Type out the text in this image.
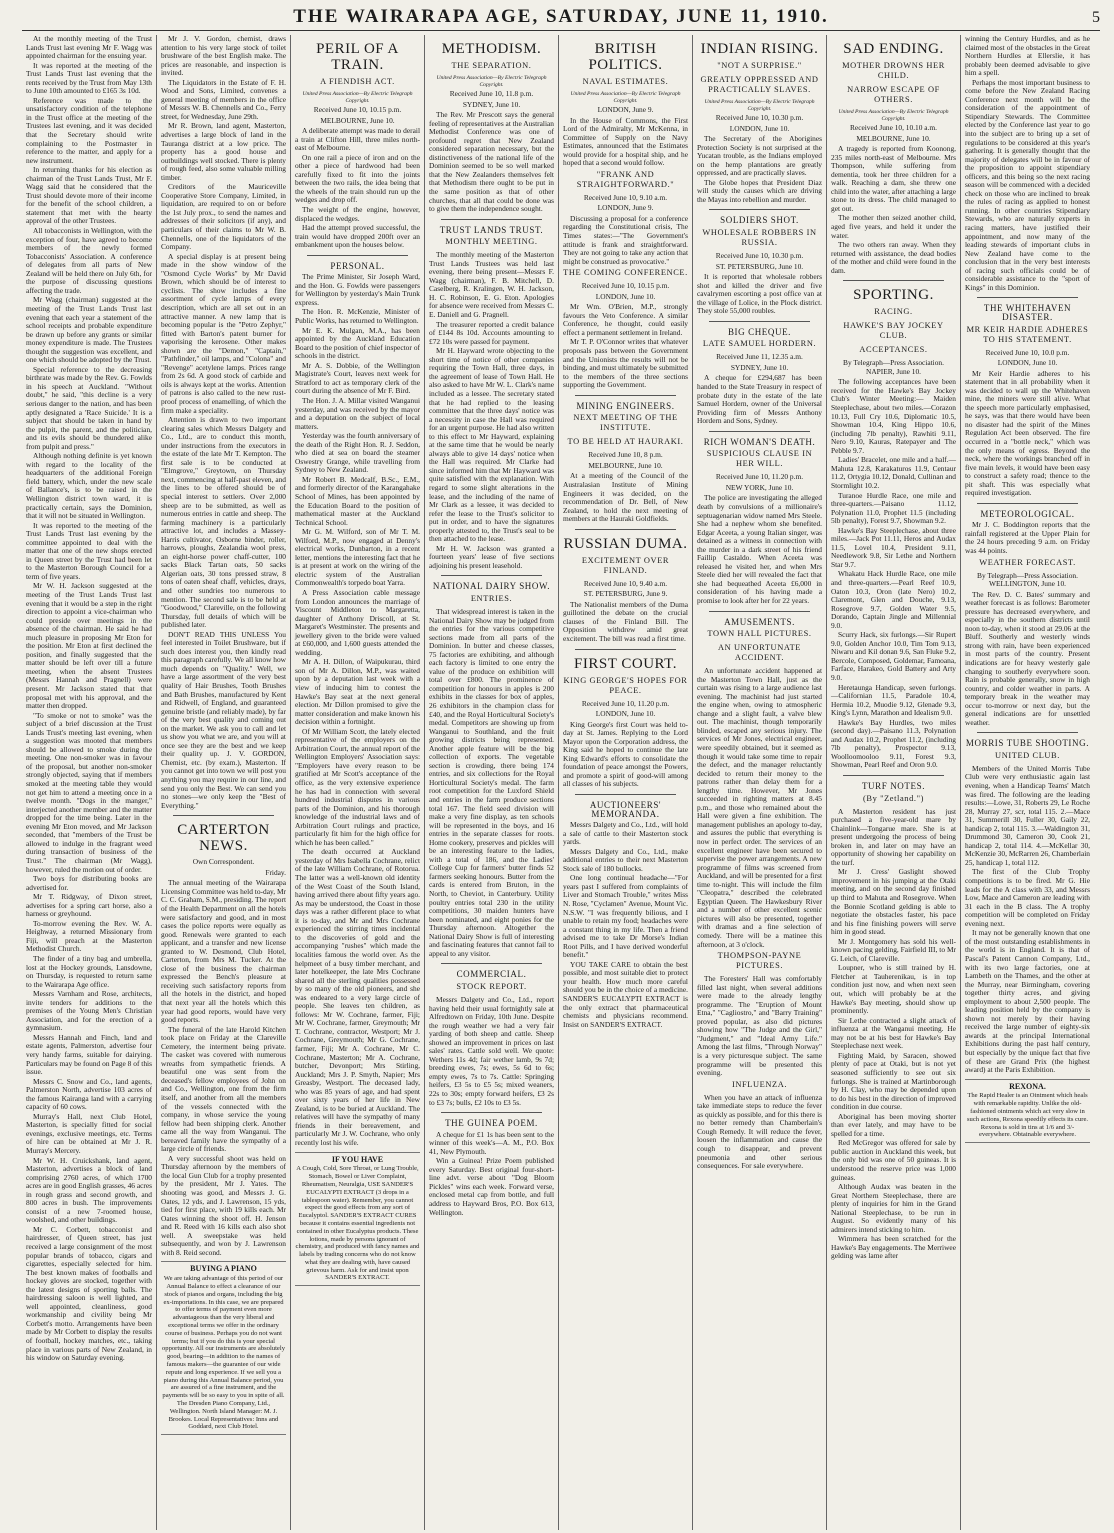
THE WAIRARAPA AGE, SATURDAY, JUNE 11, 1910.	5

At the monthly meeting of the Trust Lands Trust last evening Mr F. Wagg was appointed chairman for the ensuing year.

It was reported at the meeting of the Trust Lands Trust last evening that the rents received by the Trust from May 13th to June 10th amounted to £165 3s 10d.

Reference was made to the unsatisfactory condition of the telephone in the Trust office at the meeting of the Trustees last evening, and it was decided that the Secretary should write complaining to the Postmaster in reference to the matter, and apply for a new instrument.

In returning thanks for his election as chairman of the Trust Lands Trust, Mr F. Wagg said that he considered that the Trust should devote more of their income for the benefit of the school children, a statement that met with the hearty approval of the other Trustees.

All tobacconists in Wellington, with the exception of four, have agreed to become members of the newly formed Tobacconists' Association. A conference of delegates from all parts of New Zealand will be held there on July 6th, for the purpose of discussing questions affecting the trade.

Mr Wagg (chairman) suggested at the meeting of the Trust Lands Trust last evening that each year a statement of the school receipts and probable expenditure be drawn up before any grants or similar money expenditure is made. The Trustees thought the suggestion was excellent, and one which should be adopted by the Trust.

Special reference to the decreasing birthrate was made by the Rev. G. Fowlds in his speech at Auckland. "Without doubt," he said, "this decline is a very serious danger to the nation, and has been aptly designated a 'Race Suicide.' It is a subject that should be taken in hand by the pulpit, the parent, and the politician, and its evils should be thundered alike from pulpit and press."

Although nothing definite is yet known with regard to the locality of the headquarters of the additional Foreign field battery, which, under the new scale of Ballance's, is to be raised in the Wellington district town ward, it is practically certain, says the Dominion, that it will not be situated in Wellington.

It was reported to the meeting of the Trust Lands Trust last evening by the committee appointed to deal with the matter that one of the new shops erected in Queen street by the Trust had been let to the Masterton Borough Council for a term of five years.

Mr W. H. Jackson suggested at the meeting of the Trust Lands Trust last evening that it would be a step in the right direction to appoint a vice-chairman who could preside over meetings in the absence of the chairman. He said he had much pleasure in proposing Mr Eton for the position. Mr Eton at first declined the position, and finally suggested that the matter should be left over till a future meeting, when the absent Trustees (Messrs Hannah and Pragnell) were present. Mr Jackson stated that that proposal met with his approval, and the matter then dropped.

"To smoke or not to smoke" was the subject of a brief discussion at the Trust Lands Trust's meeting last evening, when a suggestion was mooted that members should be allowed to smoke during the meeting. One non-smoker was in favour of the proposal, but another non-smoker strongly objected, saying that if members smoked at the meeting table they would not get him to attend a meeting once in a twelve month. "Dogs in the manger," interjected another member and the matter dropped for the time being. Later in the evening Mr Eton moved, and Mr Jackson seconded, that "members of the Trust be allowed to indulge in the fragrant weed during transaction of business of the Trust." The chairman (Mr Wagg), however, ruled the motion out of order.

Two boys for distributing books are advertised for.

Mr T. Ridgway, of Dixon street, advertises for a spring cart horse, also a harness or greyhound.

To-morrow evening the Rev. W. A. Heighway, a returned Missionary from Fiji, will preach at the Masterton Methodist Church.

The finder of a tiny bag and umbrella, lost at the Hockey grounds, Lansdowne, on Thursday, is requested to return same to the Wairarapa Age office.

Messrs Varnham and Rose, architects, invite tenders for additions to the premises of the Young Men's Christian Association, and for the erection of a gymnasium.

Messrs Hannah and Finch, land and estate agents, Palmerston, advertise four very handy farms, suitable for dairying. Particulars may be found on Page 8 of this issue.

Messrs C. Snow and Co., land agents, Palmerston North, advertise 103 acres of the famous Kairanga land with a carrying capacity of 60 cows.

Murray's Hall, next Club Hotel, Masterton, is specially fitted for social evenings, exclusive meetings, etc. Terms of hire can be obtained at Mr J. R. Murray's Mercery.

Mr W. H. Cruickshank, land agent, Masterton, advertises a block of land comprising 2760 acres, of which 1700 acres are in good English grasses, 46 acres in rough grass and second growth, and 800 acres in bush. The improvements consist of a new 7-roomed house, woolshed, and other buildings.

Mr C. Corbett, tobacconist and hairdresser, of Queen street, has just received a large consignment of the most popular brands of tobacco, cigars and cigarettes, especially selected for him. The best known makes of footballs and hockey gloves are stocked, together with the latest designs of sporting balls. The hairdressing saloon is well lighted, and well appointed, cleanliness, good workmanship and civility being Mr Corbett's motto. Arrangements have been made by Mr Corbett to display the results of football, hockey matches, etc., taking place in various parts of New Zealand, in his window on Saturday evening.

Mr J. V. Gordon, chemist, draws attention to his very large stock of toilet brushware of the best English make. The prices are reasonable, and inspection is invited.

The Liquidators in the Estate of F. H. Wood and Sons, Limited, convenes a general meeting of members in the office of Messrs W. B. Chennells and Co., Ferry street, for Wednesday, June 29th.

Mr R. Brown, land agent, Masterton, advertises a large block of land in the Tauranga district at a low price. The property has a good house and outbuildings well stocked. There is plenty of rough feed, also some valuable milling timber.

Creditors of the Mauriceville Cooperative Store Company, Limited, in liquidation, are required to on or before the 1st July prox., to send the names and addresses of their solicitors (if any), and particulars of their claims to Mr W. B. Chennells, one of the liquidators of the Company.

A special display is at present being made in the show window of the "Osmond Cycle Works" by Mr David Brown, which should be of interest to cyclists. The show includes a fine assortment of cycle lamps of every description, which are all set out in an attractive manner. A new lamp that is becoming popular is the "Petro Zephyr," fitted with Barton's patent burner for vaporising the kerosene. Other makes shown are the "Demon," "Captain," "Pathfinder," oil lamps, and "Colona" and "Revenge" acetylene lamps. Prices range from 2s 6d. A good stock of carbide and oils is always kept at the works. Attention of patrons is also called to the new rust-proof process of enamelling, of which the firm make a speciality.

Attention is drawn to two important clearing sales which Messrs Dalgety and Co., Ltd., are to conduct this month, under instructions from the executors in the estate of the late Mr T. Kempton. The first sale is to be conducted at "Elmgrove," Greytown, on Thursday next, commencing at half-past eleven, and the lines to be offered should be of special interest to settlers. Over 2,000 sheep are to be submitted, as well as numerous entries in cattle and sheep. The farming machinery is a particularly attractive lot, and includes a Massey-Harris cultivator, Osborne binder, roller, harrows, ploughs, Zealandia wool press, an eight-horse power chaff-cutter, 100 sacks Black Tartan oats, 50 sacks Algerian oats, 30 tons pressed straw, 8 tons of oaten sheaf chaff, vehicles, drays, and other sundries too numerous to mention. The second sale is to be held at "Goodwood," Clareville, on the following Thursday, full details of which will be published later.

DON'T READ THIS UNLESS You feel interested in Toilet Brushware, but if such does interest you, then kindly read this paragraph carefully. We all know how much depends on "Quality." Well, we have a large assortment of the very best quality of Hair Brushes, Tooth Brushes and Bath Brushes, manufactured by Kent and Ridwell, of England, and guaranteed genuine bristle (and reliably made), by far of the very best quality and coming out on the market. We ask you to call and let us show you what we are, and you will at once see they are the best and we keep their quality up. J. V. GORDON, Chemist, etc. (by exam.), Masterton. If you cannot get into town we will post you anything you may require in our line, and send you only the Best. We can send you no stones—we only keep the "Best of Everything."

CARTERTON NEWS.
Own Correspondent.
Friday.

The annual meeting of the Wairarapa Licensing Committee was held to-day, Mr C. C. Graham, S.M., presiding. The report of the Health Department on all the hotels were satisfactory and good, and in most cases the police reports were equally as good. Renewals were granted to each applicant, and a transfer and new license granted to W. Desmond, Club Hotel, Carterton, from Mrs M. Tucker. At the close of the business the chairman expressed the Bench's pleasure at receiving such satisfactory reports from all the hotels in the district, and hoped that next year all the hotels which this year had good reports, would have very good reports.

The funeral of the late Harold Kitchen took place on Friday at the Clareville Cemetery, the interment being private. The casket was covered with numerous wreaths from sympathetic friends. A beautiful one was sent from the deceased's fellow employees of John on and Co., Wellington, one from the firm itself, and another from all the members of the vessels connected with the company, in whose service the young fellow had been shipping clerk. Another came all the way from Wanganui. The bereaved family have the sympathy of a large circle of friends.

A very successful shoot was held on Thursday afternoon by the members of the local Gun Club for a trophy presented by the president, Mr J. Yates. The shooting was good, and Messrs J. G. Oates, 12 yds, and J. Lawrenson, 15 yds, tied for first place, with 19 kills each. Mr Oates winning the shoot off. H. Jenson and R. Reed with 16 kills each also shot well. A sweepstake was held subsequently, and won by J. Lawrenson with 8. Reid second.

BUYING A PIANO
We are taking advantage of this period of our Annual Balance to effect a clearance of our stock of pianos and organs, including the big ex-importations. In this case, we are prepared to offer terms of payment even more advantageous than the very liberal and exceptional terms we offer in the ordinary course of business. Perhaps you do not want terms; but if you do this is your special opportunity. All our instruments are absolutely good, bearing—in addition to the names of famous makers—the guarantee of our wide repute and long experience. If we sell you a piano during this Annual Balance period, you are assured of a fine instrument, and the payments will be so easy to you in spite of all. The Dresden Piano Company, Ltd., Wellington. North Island Manager: M. J. Brookes. Local Representatives: Inns and Goddard, next Club Hotel.
PERIL OF A TRAIN.
A FIENDISH ACT.
United Press Association—By Electric Telegraph Copyright.
Received June 10, 10.15 p.m.
MELBOURNE, June 10.

A deliberate attempt was made to derail a train at Clifton Hill, three miles north-east of Melbourne.

On one rail a piece of iron and on the other a piece of hardwood had been carefully fixed to fit into the joints between the two rails, the idea being that the wheels of the train should run up the wedges and drop off.

The weight of the engine, however, displaced the wedges.

Had the attempt proved successful, the train would have dropped 200ft over an embankment upon the houses below.

PERSONAL.

The Prime Minister, Sir Joseph Ward, and the Hon. G. Fowlds were passengers for Wellington by yesterday's Main Trunk express.

The Hon. R. McKenzie, Minister of Public Works, has returned to Wellington.

Mr E. K. Mulgan, M.A., has been appointed by the Auckland Education Board to the position of chief inspector of schools in the district.

Mr A. S. Dobbie, of the Wellington Magistrate's Court, leaves next week for Stratford to act as temporary clerk of the court during the absence of Mr F. Bird.

The Hon. J. A. Millar visited Wanganui yesterday, and was received by the mayor and a deputation on the subject of local matters.

Yesterday was the fourth anniversary of the death of the Right Hon. R. J. Seddon, who died at sea on board the steamer Oswestry Grange, while travelling from Sydney to New Zealand.

Mr Robert B. Medcalf, B.Sc., E.M., and formerly director of the Karangahake School of Mines, has been appointed by the Education Board to the position of mathematical master at the Auckland Technical School.

Mr G. M. Wilford, son of Mr T. M. Wilford, M.P., now engaged at Denny's electrical works, Dunbarton, in a recent letter, mentions the interesting fact that he is at present at work on the wiring of the electric system of the Australian Commonwealth's torpedo boat Yarra.

A Press Association cable message from London announces the marriage of Viscount Middleton to Margaretta, daughter of Anthony Driscoll, at St. Margaret's Westminster. The presents and jewellery given to the bride were valued at £60,000, and 1,600 guests attended the wedding.

Mr A. H. Dillon, of Waipukurau, third son of Mr A. Dillon, M.P., was waited upon by a deputation last week with a view of inducing him to contest the Hawke's Bay seat at the next general election. Mr Dillon promised to give the matter consideration and make known his decision within a fortnight.

Of Mr William Scott, the lately elected representative of the employers on the Arbitration Court, the annual report of the Wellington Employers' Association says: "Employers have every reason to be gratified at Mr Scott's acceptance of the office, as the very extensive experience he has had in connection with several hundred industrial disputes in various parts of the Dominion, and his thorough knowledge of the industrial laws and of Arbitration Court rulings and practice, particularly fit him for the high office for which he has been called."

The death occurred at Auckland yesterday of Mrs Isabella Cochrane, relict of the late William Cochrane, of Rotorua. The latter was a well-known old identity of the West Coast of the South Island, having arrived there about fifty years ago. As may be understood, the Coast in those days was a rather different place to what it is to-day, and Mr and Mrs Cochrane experienced the stirring times incidental to the discoveries of gold and the accompanying "rushes" which made the localities famous the world over. As the helpmeet of a busy timber merchant, and later hotelkeeper, the late Mrs Cochrane shared all the sterling qualities possessed by so many of the old pioneers, and she was endeared to a very large circle of people. She leaves ten children, as follows: Mr W. Cochrane, farmer, Fiji; Mr W. Cochrane, farmer, Greymouth; Mr T. Cochrane, contractor, Westport; Mr J. Cochrane, Greymouth; Mr G. Cochrane, farmer, Fiji; Mr A. Cochrane, Mr C. Cochrane, Masterton; Mr A. Cochrane, butcher, Devonport; Mrs Stirling, Auckland; Mrs J. P. Smyth, Napier; Mrs Greasby, Westport. The deceased lady, who was 85 years of age, and had spent over sixty years of her life in New Zealand, is to be buried at Auckland. The relatives will have the sympathy of many friends in their bereavement, and particularly Mr J. W. Cochrane, who only recently lost his wife.

IF YOU HAVE
A Cough, Cold, Sore Throat, or Lung Trouble, Stomach, Bowel or Liver Complaint, Rheumatism, Neuralgia, USE SANDER'S EUCALYPTI EXTRACT (3 drops in a tablespoon water). Remember, you cannot expect the good effects from any sort of Eucalyptol. SANDER'S EXTRACT CURES because it contains essential ingredients not contained in other Eucalyptus products. These lotions, made by persons ignorant of chemistry, and produced with fancy names and labels by trading concerns who do not know what they are dealing with, have caused grievous harm. Ask for and insist upon SANDER'S EXTRACT.
METHODISM.
THE SEPARATION.
United Press Association—By Electric Telegraph Copyright.
Received June 10, 11.8 p.m.
SYDNEY, June 10.

The Rev. Mr Prescott says the general feeling of representatives at the Australian Methodist Conference was one of profound regret that New Zealand considered separation necessary, but the distinctiveness of the national life of the Dominion seemed to be so well marked that the New Zealanders themselves felt that Methodism there ought to be put in the same position as that of other churches, that all that could be done was to give them the independence sought.

TRUST LANDS TRUST.
MONTHLY MEETING.

The monthly meeting of the Masterton Trust Lands Trustees was held last evening, there being present—Messrs F. Wagg (chairman), F. B. Mitchell, D. Caselberg, R. Kralingen, W. H. Jackson, H. C. Robinson, E. G. Eton. Apologies for absence were received from Messrs C. E. Daniell and G. Pragnell.

The treasurer reported a credit balance of £144 8s 10d. Accounts amounting to £72 10s were passed for payment.

Mr H. Hayward wrote objecting to the short time of notice of other companies requiring the Town Hall, three days, in the agreement of lease of Town Hall. He also asked to have Mr W. L. Clark's name included as a lessee. The secretary stated that he had replied to the leasing committee that the three days' notice was a necessity in case the Hall was required for an urgent purpose. He had also written to this effect to Mr Hayward, explaining at the same time that he would be nearly always able to give 14 days' notice when the Hall was required. Mr Clarke had since informed him that Mr Hayward was quite satisfied with the explanation. With regard to some slight alterations in the lease, and the including of the name of Mr Clark as a lessee, it was decided to refer the lease to the Trust's solicitor to put in order, and to have the signatures properly attested to, the Trust's seal to be then attached to the lease.

Mr H. W. Jackson was granted a fourteen years' lease of five sections adjoining his present leasehold.

NATIONAL DAIRY SHOW.
ENTRIES.

That widespread interest is taken in the National Dairy Show may be judged from the entries for the various competitive sections made from all parts of the Dominion. In butter and cheese classes, 75 factories are exhibiting, and although each factory is limited to one entry the value of the produce on exhibition will total over £800. The prominence of competition for honours in apples is 200 exhibits in the classes for box of apples, 26 exhibitors in the champion class for £40, and the Royal Horticultural Society's medal. Competitors are showing up from Wanganui to Southland, and the fruit growing districts being represented. Another apple feature will be the big collection of exports. The vegetable section is crowding, there being 174 entries, and six collections for the Royal Horticultural Society's medal. The farm root competition for the Luxford Shield and entries in the farm produce sections total 167. The field seed division will make a very fine display, as ten schools will be represented in the boys, and 16 entries in the separate classes for roots. Home cookery, preserves and pickles will be an interesting feature to the ladies, with a total of 186, and the Ladies' College Cup for farmers' butter finds 52 farmers seeking honours. Butter from the cards is entered from Bruton, in the North, to Cheviot, in Canterbury. Utility poultry entries total 230 in the utility competitions, 30 maiden hunters have been nominated, and eight ponies for the Thursday afternoon. Altogether the National Dairy Show is full of interesting and fascinating features that cannot fail to appeal to any visitor.

COMMERCIAL.
STOCK REPORT.

Messrs Dalgety and Co., Ltd., report having held their usual fortnightly sale at Alfredtown on Friday, 10th June. Despite the rough weather we had a very fair yarding of both sheep and cattle. Sheep showed an improvement in prices on last sales' rates. Cattle sold well. We quote: Wethers 11s 4d; fair wether lamb, 9s 7d; breeding ewes, 7s; ewes, 5s 6d to 6s; empty ewes, 7s to 7s. Cattle: Springing heifers, £3 5s to £5 5s; mixed weaners, 22s to 30s; empty forward heifers, £3 2s to £3 7s; bulls, £2 10s to £3 5s.

THE GUINEA POEM.

A cheque for £1 1s has been sent to the winner of this week's—A. M., P.O. Box 41, New Plymouth.

Win a Guinea! Prize Poem published every Saturday. Best original four-short-line advt. verse about "Dog Bloom Pickles" wins each week. Forward verse, enclosed metal cap from bottle, and full address to Hayward Bros, P.O. Box 613, Wellington.

BRITISH POLITICS.
NAVAL ESTIMATES.
United Press Association—By Electric Telegraph Copyright.
LONDON, June 9.

In the House of Commons, the First Lord of the Admiralty, Mr McKenna, in Committee of Supply on the Navy Estimates, announced that the Estimates would provide for a hospital ship, and he hoped that a second would follow.

"FRANK AND STRAIGHTFORWARD."
Received June 10, 9.10 a.m.
LONDON, June 9.

Discussing a proposal for a conference regarding the Constitutional crisis, The Times states:—"The Government's attitude is frank and straightforward. They are not going to take any action that might be construed as provocative."

THE COMING CONFERENCE.
Received June 10, 10.15 p.m.
LONDON, June 10.

Mr Wm. O'Brien, M.P., strongly favours the Veto Conference. A similar Conference, he thought, could easily effect a permanent settlement in Ireland.

Mr T. P. O'Connor writes that whatever proposals pass between the Government and the Unionists the results will not be binding, and must ultimately be submitted to the members of the three sections supporting the Government.

MINING ENGINEERS.
NEXT MEETING OF THE INSTITUTE.
TO BE HELD AT HAURAKI.
Received June 10, 8 p.m.
MELBOURNE, June 10.

At a meeting of the Council of the Australasian Institute of Mining Engineers it was decided, on the recommendation of Dr. Bell, of New Zealand, to hold the next meeting of members at the Hauraki Goldfields.

RUSSIAN DUMA.
EXCITEMENT OVER FINLAND.
Received June 10, 9.40 a.m.
ST. PETERSBURG, June 9.

The Nationalist members of the Duma guillotined the debate on the crucial clauses of the Finland Bill. The Opposition withdrew amid great excitement. The bill was read a first time.

FIRST COURT.
KING GEORGE'S HOPES FOR PEACE.
Received June 10, 11.20 p.m.
LONDON, June 10.

King George's first Court was held to-day at St. James. Replying to the Lord Mayor upon the Corporation address, the King said he hoped to continue the late King Edward's efforts to consolidate the foundation of peace amongst the Powers, and promote a spirit of good-will among all classes of his subjects.

AUCTIONEERS' MEMORANDA.

Messrs Dalgety and Co., Ltd., will hold a sale of cattle to their Masterton stock yards.

Messrs Dalgety and Co., Ltd., make additional entries to their next Masterton Stock sale of 180 bullocks.

One long continual headache—"For years past I suffered from complaints of Liver and Stomach Trouble," writes Miss N. Rose, "Cyclamen" Avenue, Mount Vic. N.S.W. "I was frequently bilious, and I unable to retain my food; headaches were a constant thing in my life. Then a friend advised me to take Dr Morse's Indian Root Pills, and I have derived wonderful benefit."

YOU TAKE CARE to obtain the best possible, and most suitable diet to protect your health. How much more careful should you be in the choice of a medicine. SANDER'S EUCALYPTI EXTRACT is the only extract that pharmaceutical chemists and physicians recommend. Insist on SANDER'S EXTRACT.

INDIAN RISING.
"NOT A SURPRISE."
GREATLY OPPRESSED AND PRACTICALLY SLAVES.
United Press Association—By Electric Telegraph Copyright.
Received June 10, 10.30 p.m.
LONDON, June 10.

The Secretary of the Aborigines Protection Society is not surprised at the Yucatan trouble, as the Indians employed on the hemp plantations are greatly oppressed, and are practically slaves.

The Globe hopes that President Diaz will study the causes which are driving the Mayas into rebellion and murder.

SOLDIERS SHOT.
WHOLESALE ROBBERS IN RUSSIA.
Received June 10, 10.30 p.m.
ST. PETERSBURG, June 10.

It is reported that wholesale robbers shot and killed the driver and five cavalrymen escorting a post office van at the village of Lolice, in the Plock district. They stole 55,000 roubles.

BIG CHEQUE.
LATE SAMUEL HORDERN.
Received June 11, 12.35 a.m.
SYDNEY, June 10.

A cheque for £294,687 has been handed to the State Treasury in respect of probate duty in the estate of the late Samuel Hordern, owner of the Universal Providing firm of Messrs Anthony Hordern and Sons, Sydney.

RICH WOMAN'S DEATH.
SUSPICIOUS CLAUSE IN HER WILL.
Received June 10, 11.20 p.m.
NEW YORK, June 10.

The police are investigating the alleged death by convulsions of a millionaire's septuagenarian widow named Mrs Steele. She had a nephew whom she benefited. Edgar Aceeta, a young Italian singer, was detained as a witness in connection with the murder in a dark street of his friend Faillip Castaldo. When Aceeta was released he visited her, and when Mrs Steele died her will revealed the fact that she had bequeathed Aceeta £6,000 in consideration of his having made a promise to look after her for 22 years.

AMUSEMENTS.
TOWN HALL PICTURES.
AN UNFORTUNATE ACCIDENT.

An unfortunate accident happened at the Masterton Town Hall, just as the curtain was rising to a large audience last evening. The machinist had just started the engine when, owing to atmospheric change and a slight fault, a valve blew out. The machinist, though temporarily blinded, escaped any serious injury. The services of Mr Jones, electrical engineer, were speedily obtained, but it seemed as though it would take some time to repair the defect, and the manager reluctantly decided to return their money to the patrons rather than delay them for a lengthy time. However, Mr Jones succeeded in righting matters at 8.45 p.m., and those who remained about the Hall were given a fine exhibition. The management publishes an apology to-day, and assures the public that everything is now in perfect order. The services of an excellent engineer have been secured to supervise the power arrangements. A new programme of films was screened from Auckland, and will be presented for a first time to-night. This will include the film "Cleopatra," described the celebrated Egyptian Queen. The Hawkesbury River and a number of other excellent scenic pictures will also be presented, together with dramas and a fine selection of comedy. There will be a matinee this afternoon, at 3 o'clock.

THOMPSON-PAYNE PICTURES.

The Foresters' Hall was comfortably filled last night, when several additions were made to the already lengthy programme. The "Eruption of Mount Etna," "Cagliostro," and "Barry Training" proved popular, as also did pictures showing how "The Judge and the Girl," "Judgment," and "Ideal Army Life." Among the last films, "Through Norway" is a very picturesque subject. The same programme will be presented this evening.

INFLUENZA.

When you have an attack of influenza take immediate steps to reduce the fever as quickly as possible, and for this there is no better remedy than Chamberlain's Cough Remedy. It will reduce the fever, loosen the inflammation and cause the cough to disappear, and prevent pneumonia and other serious consequences. For sale everywhere.

SAD ENDING.
MOTHER DROWNS HER CHILD.
NARROW ESCAPE OF OTHERS.
United Press Association—By Electric Telegraph Copyright.
Received June 10, 10.10 a.m.
MELBOURNE, June 10.

A tragedy is reported from Koonong, 235 miles north-east of Melbourne. Mrs Thompson, while suffering from dementia, took her three children for a walk. Reaching a dam, she threw one child into the water, after attaching a large stone to its dress. The child managed to get out.

The mother then seized another child, aged five years, and held it under the water.

The two others ran away. When they returned with assistance, the dead bodies of the mother and child were found in the dam.

SPORTING.
RACING.
HAWKE'S BAY JOCKEY CLUB.
ACCEPTANCES.
By Telegraph—Press Association. NAPIER, June 10.

The following acceptances have been received for the Hawke's Bay Jockey Club's Winter Meeting:— Maiden Steeplechase, about two miles.—Corazon 10.13, Full Cry 10.6, Diplomatic 10.5, Showman 10.4, King Hippo 10.6, (including 7lb penalty), Rawhiti 9.11, Nero 9.10, Kauras, Ratepayer and The Pebble 9.7.

Ladies' Bracelet, one mile and a half.—Mahuta 12.8, Karakaturos 11.9, Centaur 11.2, Ortygia 10.12, Donald, Cullinan and Stormlight 10.2.

Turanoe Hurdle Race, one mile and three-quarters.—Paisano 11.12, Polynation 11.0, Prophet 11.5 (including 5lb penalty), Forest 9.7, Showman 9.2.

Hawke's Bay Steeplechase, about three miles.—Jack Pot 11.11, Heros and Audax 11.5, Lovel 10.4, President 9.11, Needlework 9.8, Sir Lethe and Northern Star 9.7.

Whakatu Hack Hurdle Race, one mile and three-quarters.—Pearl Reef 10.9, Oaton 10.3, Oron (late Nero) 10.2, Claremont, Glen and Douche, 9.13, Rosegrove 9.7, Golden Water 9.5, Dorando, Captain Jingle and Millennial 9.0.

Scurry Hack, six furlongs.—Sir Rupert 9.0, Golden Anchor 10.0, Tim Tom 9.13, Niwaru and Kil donan 9.6, San Fluke 9.2, Bercole, Composed, Goldemar, Famoana, Farface, Harakeo, Gold Battery and Arty 9.0.

Heretaunga Handicap, seven furlongs.—Californian 11.5, Paradole 10.4, Hermia 10.2, Muodie 9.12, Glenade 9.3, King's Lynn, Marathon and Idealism 9.0.

Hawke's Bay Hurdles, two miles (second day).—Paisano 11.3, Polynation and Audax 10.2, Prophet 11.2, (including 7lb penalty), Prospector 9.13, Woolloomooloo 9.11, Forest 9.3, Showman, Pearl Reef and Oron 9.0.

TURF NOTES.
(By "Zetland.")

A Masterton resident has just purchased a five-year-old mare by Chainlink—Tongarue mare. She is at present undergoing the process of being broken in, and later on may have an opportunity of showing her capability on the turf.

Mr J. Cress' Gaslight showed improvement in his jumping at the Otaki meeting, and on the second day finished up third to Mahuta and Rosegrove. When the Bonnie Scotland gelding is able to negotiate the obstacles faster, his pace and his fine finishing powers will serve him in good stead.

Mr J. Montgomery has sold his well-known pacing gelding, Fairfield III, to Mr G. Leich, of Clareville.

Loupner, who is still trained by H. Fletcher at Tauherenikau, is in top condition just now, and when next seen out, which will probably be at the Hawke's Bay meeting, should show up prominently.

Sir Lethe contracted a slight attack of influenza at the Wanganui meeting. He may not be at his best for Hawke's Bay Steeplechase next week.

Fighting Maid, by Saracen, showed plenty of pace at Otaki, but is not yet seasoned sufficiently to see out six furlongs. She is trained at Martinborough by H. Clay, who may be depended upon to do his best in the direction of improved condition in due course.

Aboriginal has been moving shorter than ever lately, and may have to be spelled for a time.

Red McGregor was offered for sale by public auction in Auckland this week, but the only bid was one of 50 guineas. It is understood the reserve price was 1,000 guineas.

Although Audax was beaten in the Great Northern Steeplechase, there are plenty of inquiries for him in the Grand National Steeplechase, to be run in August. So evidently many of his admirers intend sticking to him.

Wimmera has been scratched for the Hawke's Bay engagements. The Merriwee gelding was lame after

winning the Century Hurdles, and as he claimed most of the obstacles in the Great Northern Hurdles at Ellerslie, it has probably been deemed advisable to give him a spell.

Perhaps the most important business to come before the New Zealand Racing Conference next month will be the consideration of the appointment of Stipendiary Stewards. The Committee elected by the Conference last year to go into the subject are to bring up a set of regulations to be considered at this year's gathering. It is generally thought that the majority of delegates will be in favour of the proposition to appoint stipendiary officers, and this being so the next racing season will be commenced with a decided check on those who are inclined to break the rules of racing as applied to honest running. In other countries Stipendiary Stewards, who are naturally experts in racing matters, have justified their appointment, and now many of the leading stewards of important clubs in New Zealand have come to the conclusion that in the very best interests of racing such officials could be of considerable assistance to the "sport of Kings" in this Dominion.

THE WHITEHAVEN DISASTER.
MR KEIR HARDIE ADHERES TO HIS STATEMENT.
Received June 10, 10.0 p.m.
LONDON, June 10.

Mr Keir Hardie adheres to his statement that in all probability when it was decided to wall up the Whitehaven mine, the miners were still alive. What the speech more particularly emphasised, he says, was that there would have been no disaster had the spirit of the Mines Regulation Act been observed. The fire occurred in a "bottle neck," which was the only means of egress. Beyond the neck, where the workings branched off in five main levels, it would have been easy to construct a safety road; thence to the pit shaft. This was especially what required investigation.

METEOROLOGICAL.

Mr J. C. Boddington reports that the rainfall registered at the Upper Plain for the 24 hours preceding 9 a.m. on Friday was 44 points.

WEATHER FORECAST.
By Telegraph—Press Association. WELLINGTON, June 10.

The Rev. D. C. Bates' summary and weather forecast is as follows: Barometer pressure has decreased everywhere, and especially in the southern districts until noon to-day, when it stood at 29.06 at the Bluff. Southerly and westerly winds strong with rain, have been experienced in most parts of the country. Present indications are for heavy westerly gale changing to southerly everywhere soon. Rain is probable generally, snow in high country, and colder weather in parts. A temporary break in the weather may occur to-morrow or next day, but the general indications are for unsettled weather.

MORRIS TUBE SHOOTING.
UNITED CLUB.

Members of the United Morris Tube Club were very enthusiastic again last evening, when a Handicap Teams' Match was fired. The following are the leading results:—Lowe, 31, Roberts 29, Le Roche 28, Murray 27, scr, total 115. 2.—Mace 31, Summerill 30, Fuller 30, Gaily 22, handicap 2, total 115. 3.—Waldington 31, Drummond 30, Cameron 30, Cook 21, handicap 2, total 114. 4.—McKellar 30, McKenzie 30, McRarren 26, Chamberlain 25, handicap 1, total 112.

The first of the Club Trophy competitions is to be fired. Mr G. Hie leads for the A class with 33, and Messrs Low, Mace and Cameron are leading with 31 each in the B class. The A trophy competition will be completed on Friday evening next.

It may not be generally known that one of the most outstanding establishments in the world is in England. It is that of Pascal's Patent Cannon Company, Ltd., with its two large factories, one at Lambeth on the Thames, and the other at the Murray, near Birmingham, covering together thirty acres, and giving employment to about 2,500 people. The leading position held by the company is shown not merely by their having received the large number of eighty-six awards at the principal International Exhibitions during the past half century, but especially by the unique fact that five of these are Grand Prix (the highest award) at the Paris Exhibition.

REXONA.
The Rapid Healer is an Ointment which heals with remarkable rapidity. Unlike the old-fashioned ointments which act very slow in such actions, Rexona speedily effects its cure. Rexona is sold in tins at 1/6 and 3/- everywhere. Obtainable everywhere.
